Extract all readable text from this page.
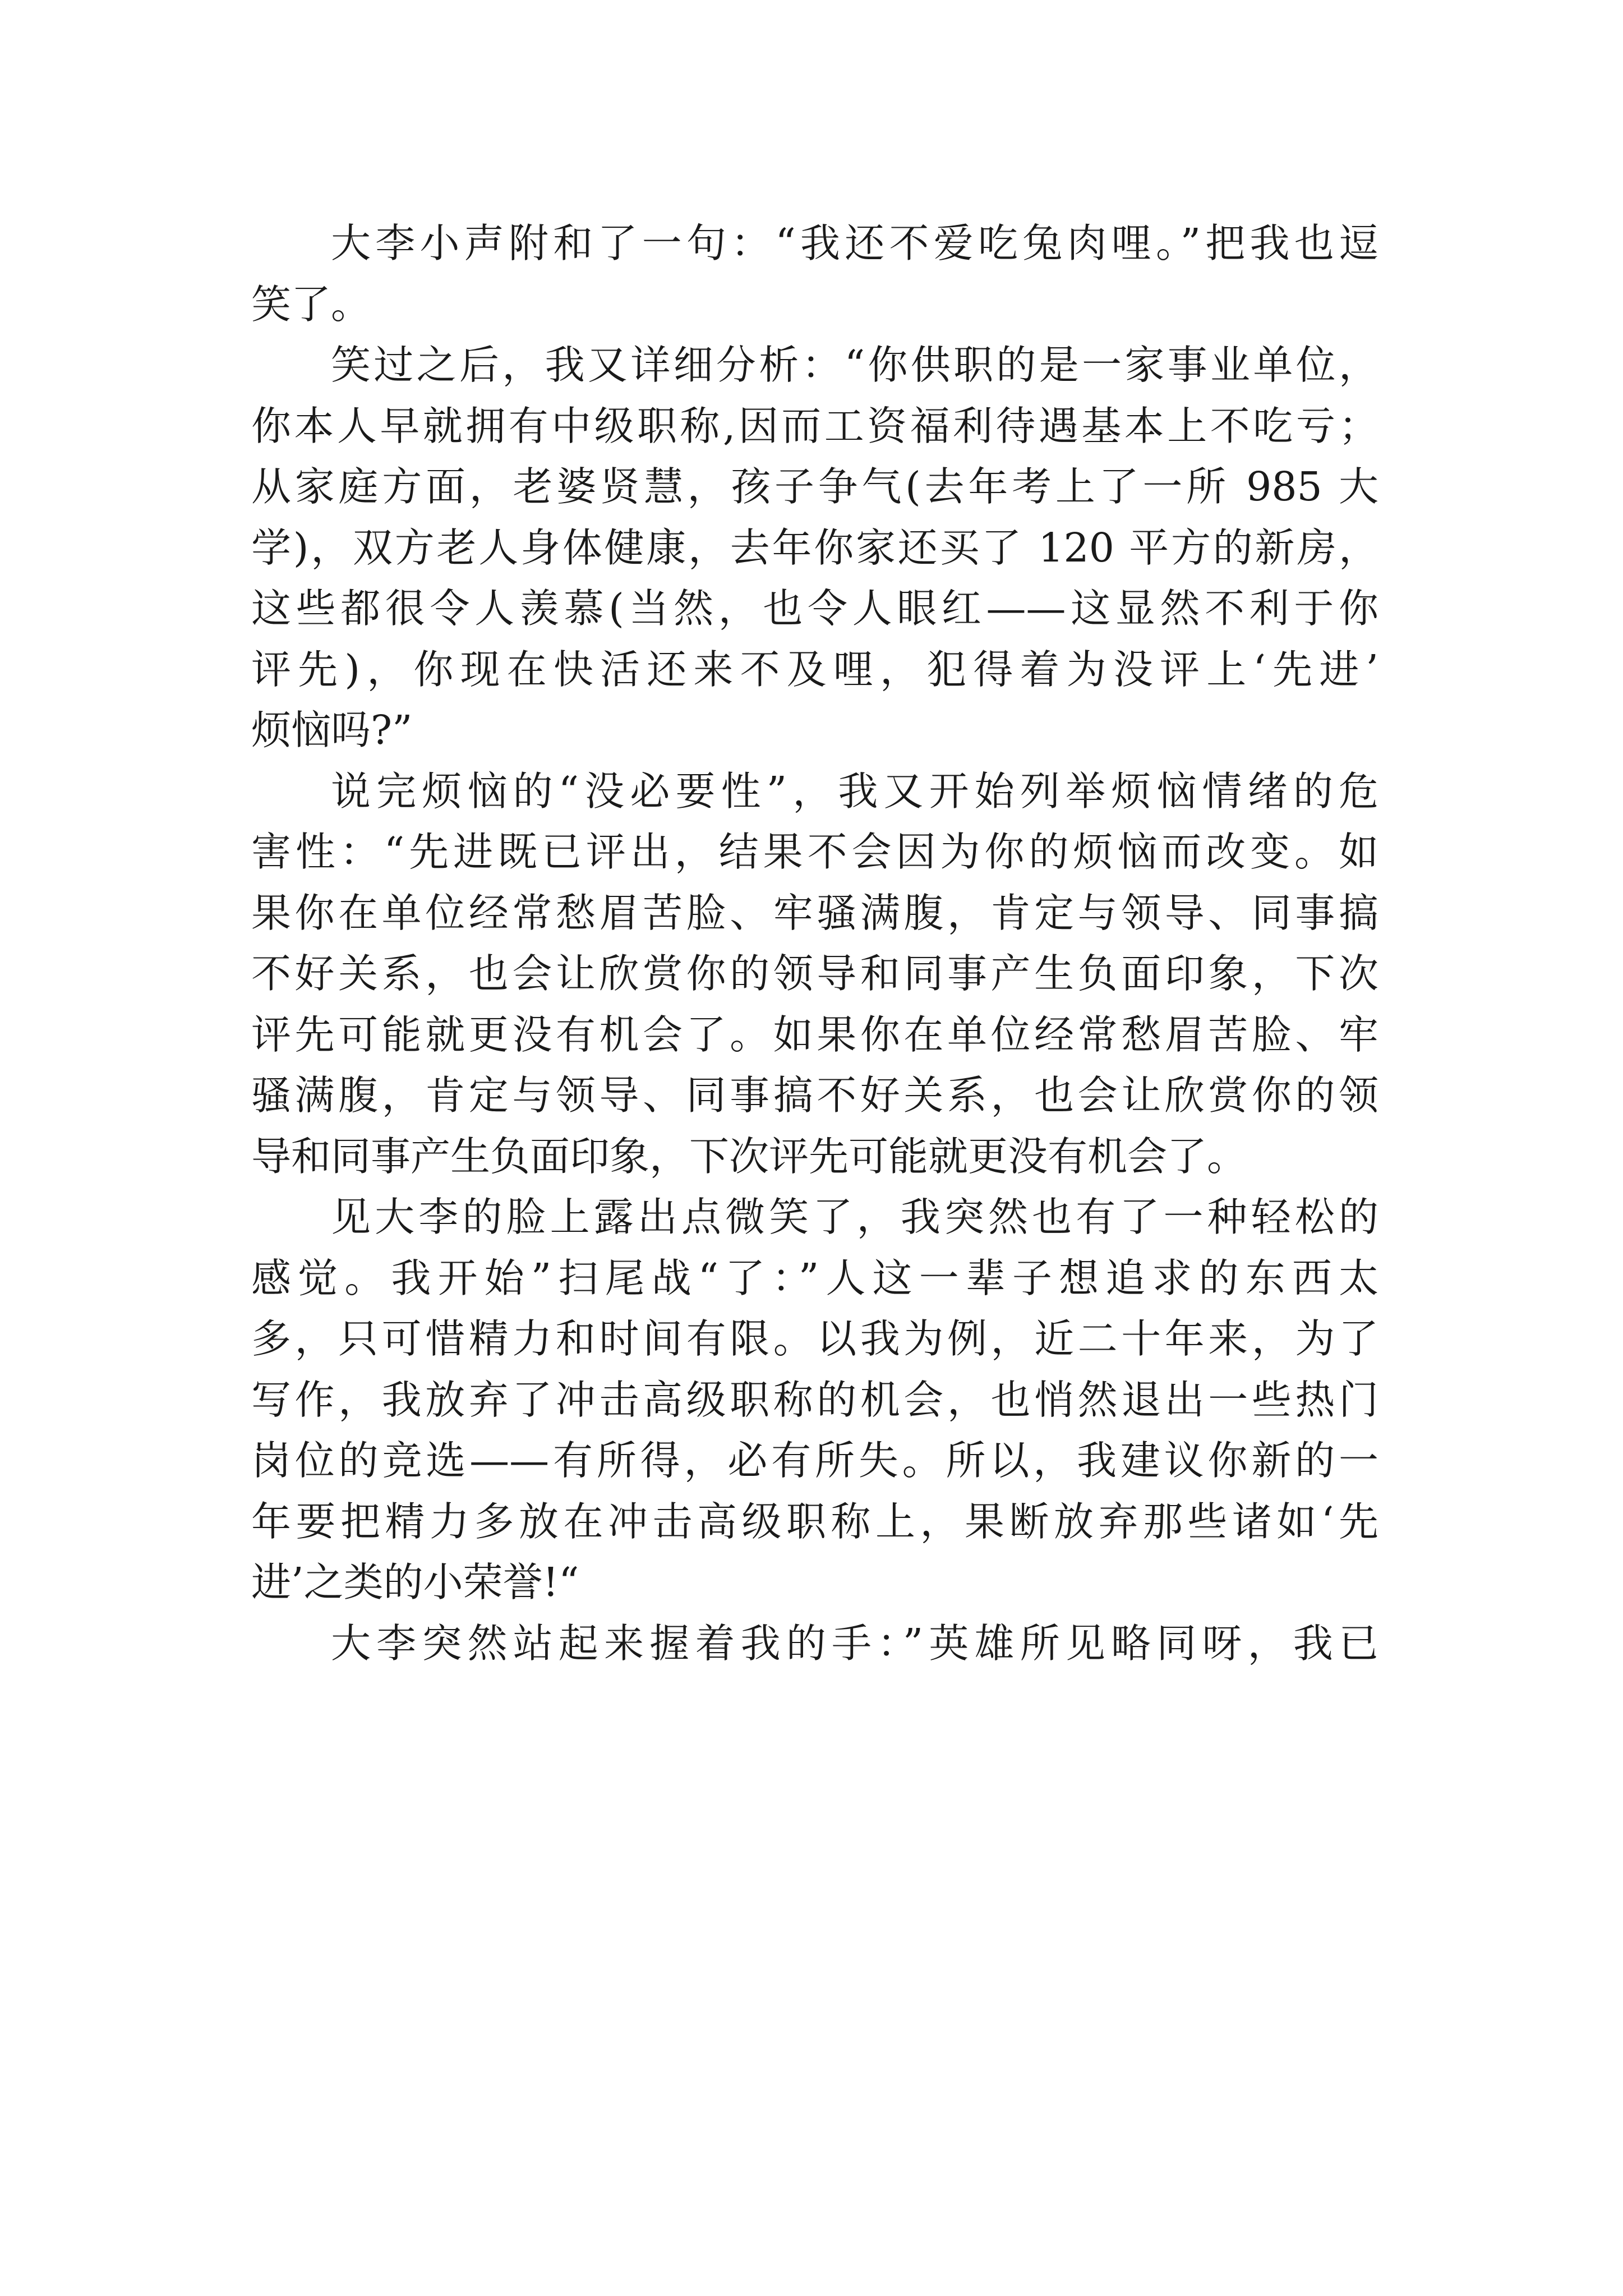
大李小声附和了一句：“我还不爱吃兔肉哩。”把我也逗
笑了。
笑过之后，我又详细分析：“你供职的是一家事业单位，
你本人早就拥有中级职称,因而工资福利待遇基本上不吃亏；
从家庭方面，老婆贤慧，孩子争气(去年考上了一所 985 大
学)，双方老人身体健康，去年你家还买了 120 平方的新房，
这些都很令人羡慕(当然，也令人眼红——这显然不利于你
评先)，你现在快活还来不及哩，犯得着为没评上‘先进’
烦恼吗?”
说完烦恼的“没必要性”，我又开始列举烦恼情绪的危
害性：“先进既已评出，结果不会因为你的烦恼而改变。如
果你在单位经常愁眉苦脸、牢骚满腹，肯定与领导、同事搞
不好关系，也会让欣赏你的领导和同事产生负面印象，下次
评先可能就更没有机会了。如果你在单位经常愁眉苦脸、牢
骚满腹，肯定与领导、同事搞不好关系，也会让欣赏你的领
导和同事产生负面印象，下次评先可能就更没有机会了。
见大李的脸上露出点微笑了，我突然也有了一种轻松的
感觉。我开始”扫尾战“了：”人这一辈子想追求的东西太
多，只可惜精力和时间有限。以我为例，近二十年来，为了
写作，我放弃了冲击高级职称的机会，也悄然退出一些热门
岗位的竞选——有所得，必有所失。所以，我建议你新的一
年要把精力多放在冲击高级职称上，果断放弃那些诸如‘先
进’之类的小荣誉!“
大李突然站起来握着我的手：”英雄所见略同呀，我已
